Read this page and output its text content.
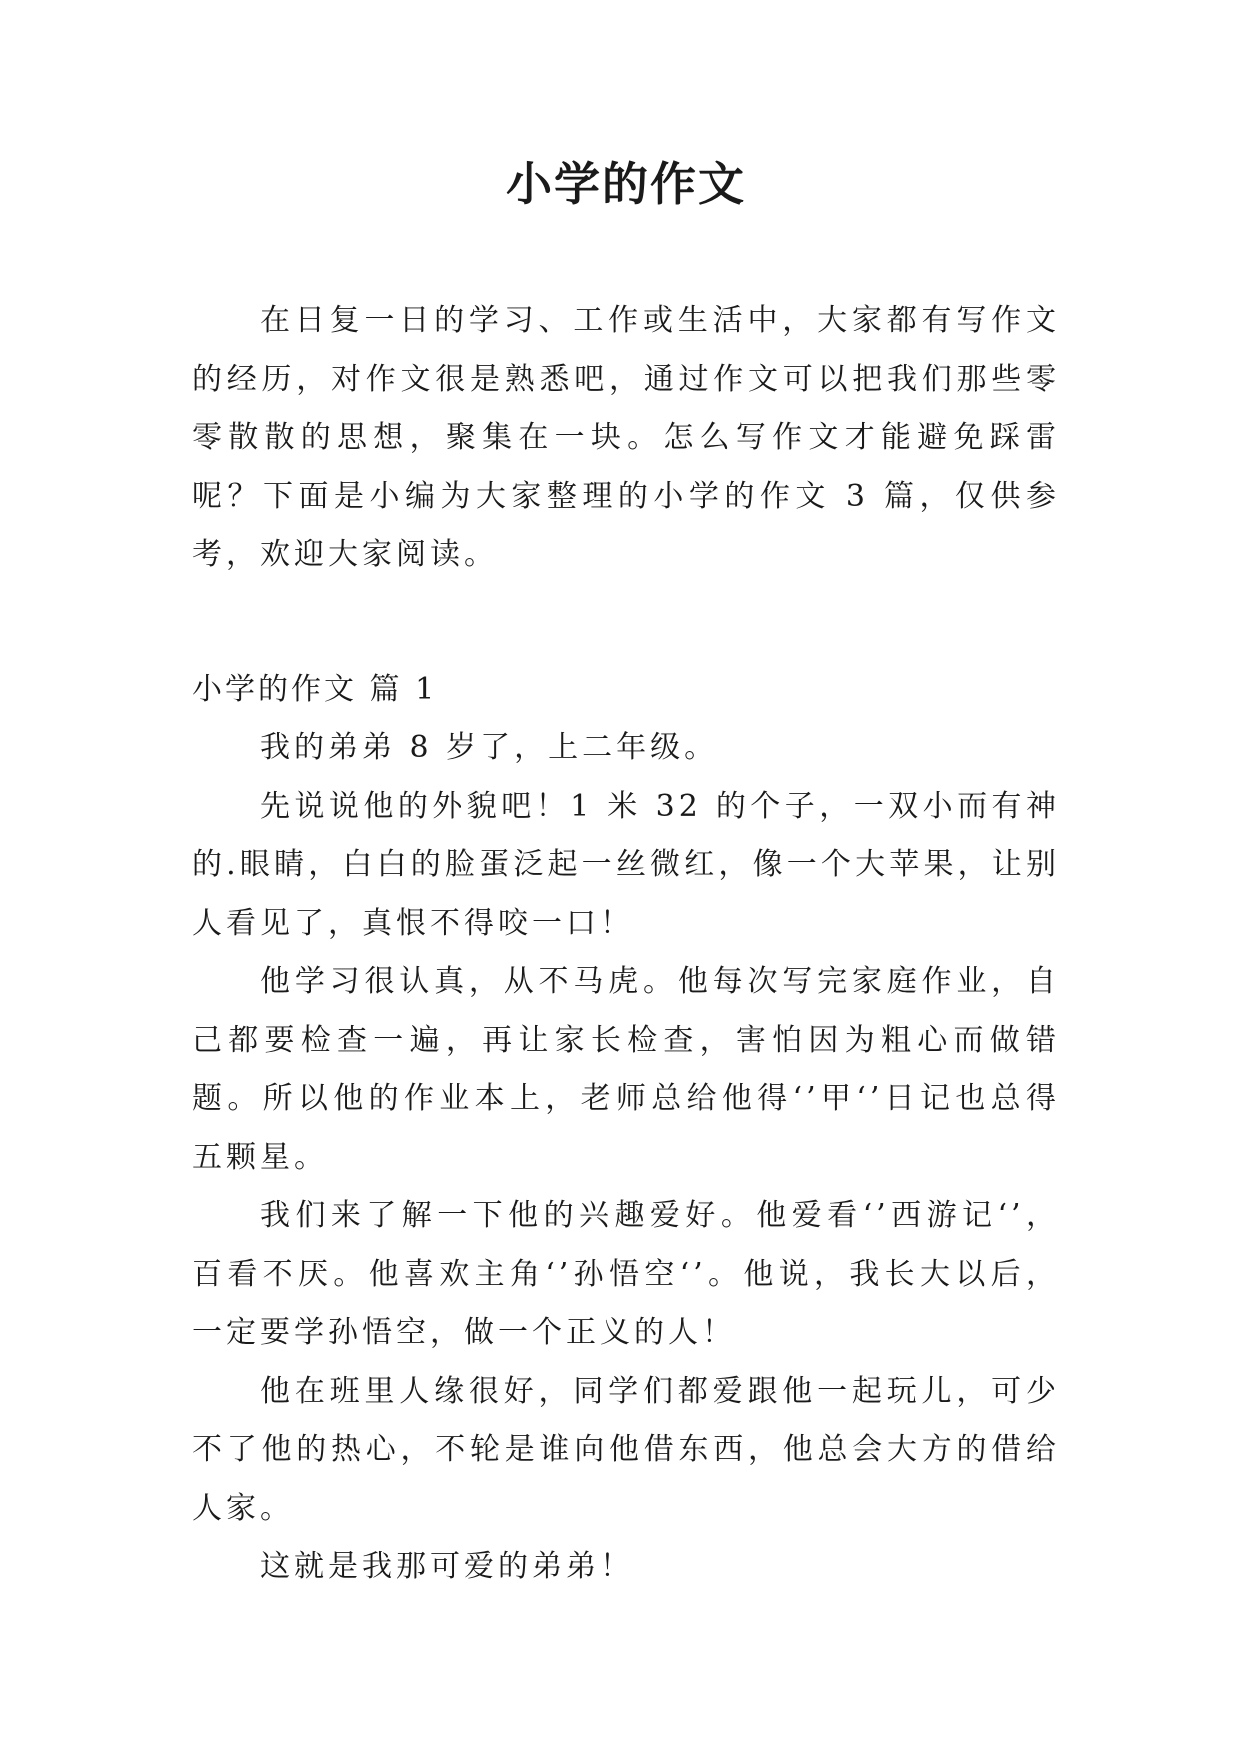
小学的作文

在日复一日的学习、工作或生活中，大家都有写作文的经历，对作文很是熟悉吧，通过作文可以把我们那些零零散散的思想，聚集在一块。怎么写作文才能避免踩雷呢？下面是小编为大家整理的小学的作文 3 篇，仅供参考，欢迎大家阅读。

小学的作文 篇 1

我的弟弟 8 岁了，上二年级。

先说说他的外貌吧！1 米 32 的个子，一双小而有神的.眼睛，白白的脸蛋泛起一丝微红，像一个大苹果，让别人看见了，真恨不得咬一口！

他学习很认真，从不马虎。他每次写完家庭作业，自己都要检查一遍，再让家长检查，害怕因为粗心而做错题。所以他的作业本上，老师总给他得‘’甲‘’日记也总得五颗星。

我们来了解一下他的兴趣爱好。他爱看‘’西游记‘’，百看不厌。他喜欢主角‘’孙悟空‘’。他说，我长大以后，一定要学孙悟空，做一个正义的人！

他在班里人缘很好，同学们都爱跟他一起玩儿，可少不了他的热心，不轮是谁向他借东西，他总会大方的借给人家。

这就是我那可爱的弟弟！
